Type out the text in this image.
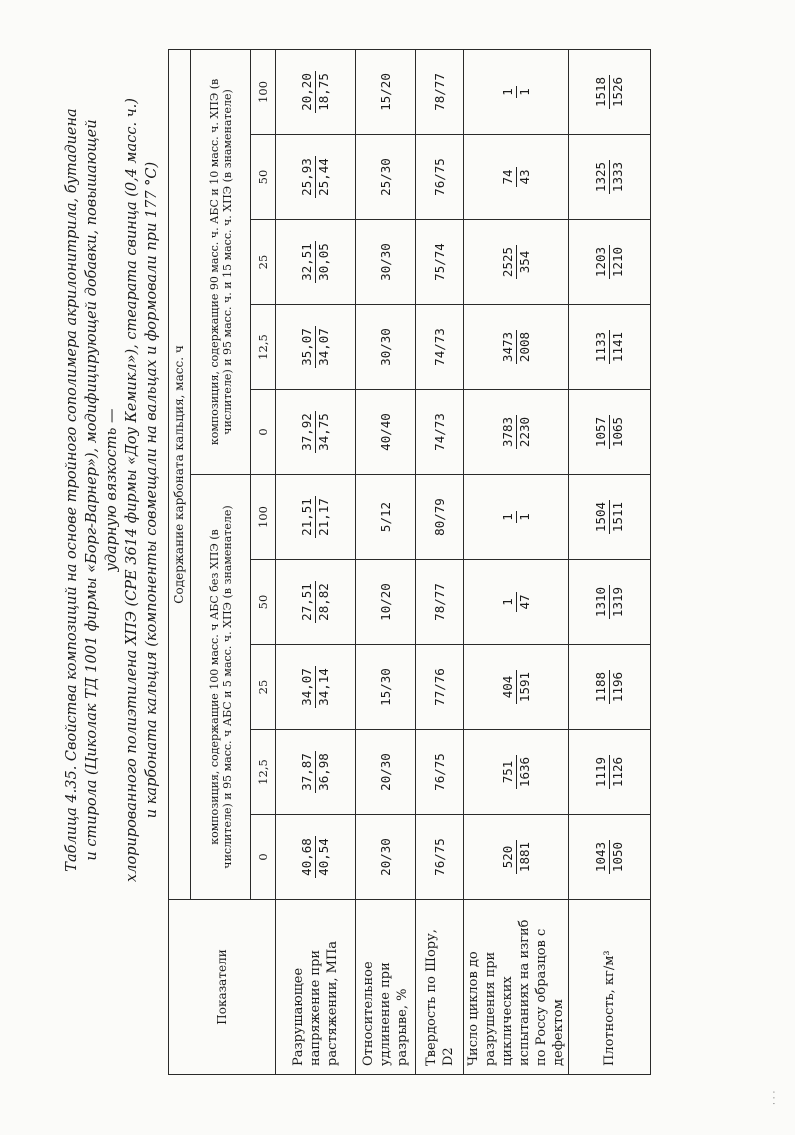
Таблица 4.35. Свойства композиций на основе тройного сополимера акрилонитрила, бутадиена и стирола (Циколак ТД 1001 фирмы «Борг-Варнер»), модифицирующей добавки, повышающей ударную вязкость — хлорированного полиэтилена ХПЭ (CPE 3614 фирмы «Доу Кемикл»), стеарата свинца (0,4 масс. ч.) и карбоната кальция (компоненты совмещали на вальцах и формовали при 177 °C)
Показатели	Содержание карбоната кальция, масс. ч									
	композиция, содержащие 100 масс. ч АБС без ХПЭ (в числителе) и 95 масс. ч АБС и 5 масс. ч. ХПЭ (в знаменателе)					композиция, содержащие 90 масс. ч. АБС и 10 масс. ч. ХПЭ (в числителе) и 95 масс. ч. и 15 масс. ч. ХПЭ (в знаменателе)				
	0	12,5	25	50	100	0	12,5	25	50	100
Разрушающее напряжение при растяжении, МПа	40,68 40,54	37,87 36,98	34,07 34,14	27,51 28,82	21,51 21,17	37,92 34,75	35,07 34,07	32,51 30,05	25,93 25,44	20,20 18,75

Относительное удлинение при разрыве, %	20/30	20/30	15/30	10/20	5/12	40/40	30/30	30/30	25/30	15/20
Твердость по Шору, D2	76/75	76/75	77/76	78/77	80/79	74/73	74/73	75/74	76/75	78/77
Число циклов до разрушения при циклических испытаниях на изгиб по Россу образцов с дефектом	520 1881	751 1636	404 1591	1 47	1 1	3783 2230	3473 2008	2525 354	74 43	1 1

Плотность, кг/м³	1043 1050	1119 1126	1188 1196	1310 1319	1504 1511	1057 1065	1133 1141	1203 1210	1325 1333	1518 1526
· · ·
